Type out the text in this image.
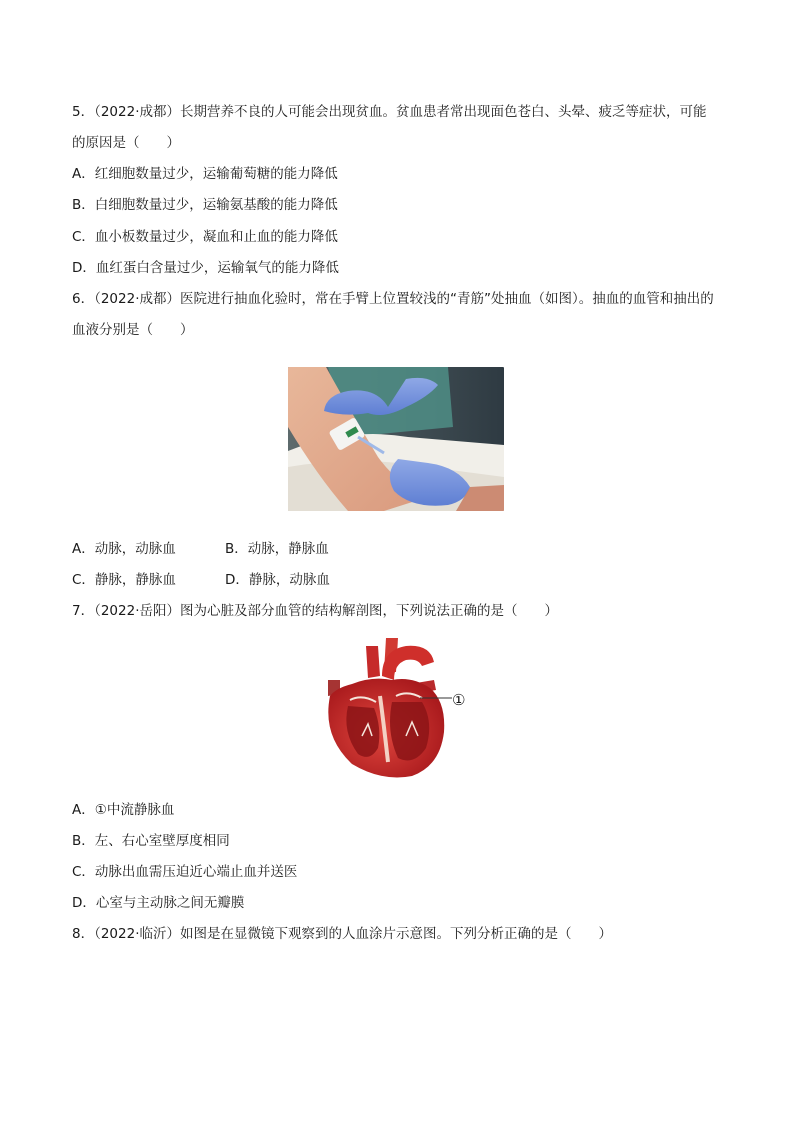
5．（2022·成都）长期营养不良的人可能会出现贫血。贫血患者常出现面色苍白、头晕、疲乏等症状，可能
的原因是（　　）
A．红细胞数量过少，运输葡萄糖的能力降低
B．白细胞数量过少，运输氨基酸的能力降低
C．血小板数量过少，凝血和止血的能力降低
D．血红蛋白含量过少，运输氧气的能力降低
6．（2022·成都）医院进行抽血化验时，常在手臂上位置较浅的“青筋”处抽血（如图）。抽血的血管和抽出的
血液分别是（　　）
A．动脉，动脉血	B．动脉，静脉血
C．静脉，静脉血	D．静脉，动脉血
7．（2022·岳阳）图为心脏及部分血管的结构解剖图，下列说法正确的是（　　）
①
A．①中流静脉血
B．左、右心室壁厚度相同
C．动脉出血需压迫近心端止血并送医
D．心室与主动脉之间无瓣膜
8．（2022·临沂）如图是在显微镜下观察到的人血涂片示意图。下列分析正确的是（　　）
